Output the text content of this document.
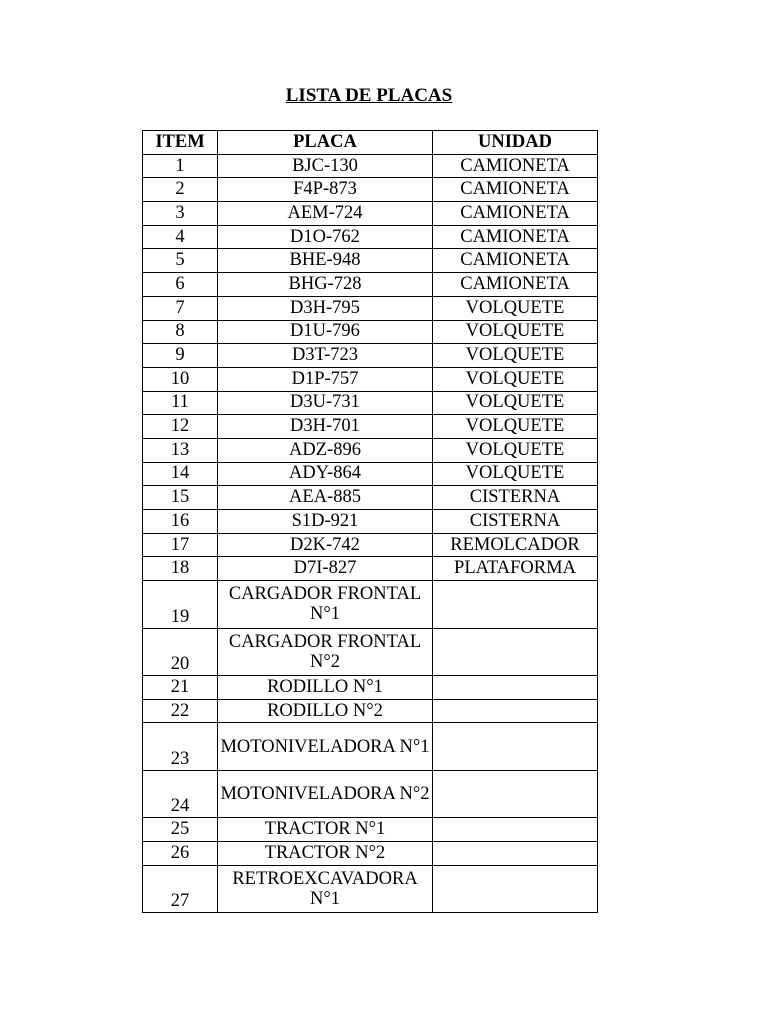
LISTA DE PLACAS
ITEM	PLACA	UNIDAD
1	BJC-130	CAMIONETA
2	F4P-873	CAMIONETA
3	AEM-724	CAMIONETA
4	D1O-762	CAMIONETA
5	BHE-948	CAMIONETA
6	BHG-728	CAMIONETA
7	D3H-795	VOLQUETE
8	D1U-796	VOLQUETE
9	D3T-723	VOLQUETE
10	D1P-757	VOLQUETE
11	D3U-731	VOLQUETE
12	D3H-701	VOLQUETE
13	ADZ-896	VOLQUETE
14	ADY-864	VOLQUETE
15	AEA-885	CISTERNA
16	S1D-921	CISTERNA
17	D2K-742	REMOLCADOR
18	D7I-827	PLATAFORMA
19	CARGADOR FRONTAL N°1	
20	CARGADOR FRONTAL N°2	
21	RODILLO N°1	
22	RODILLO N°2	
23	MOTONIVELADORA N°1	
24	MOTONIVELADORA N°2	
25	TRACTOR N°1	
26	TRACTOR N°2	
27	RETROEXCAVADORA N°1	
